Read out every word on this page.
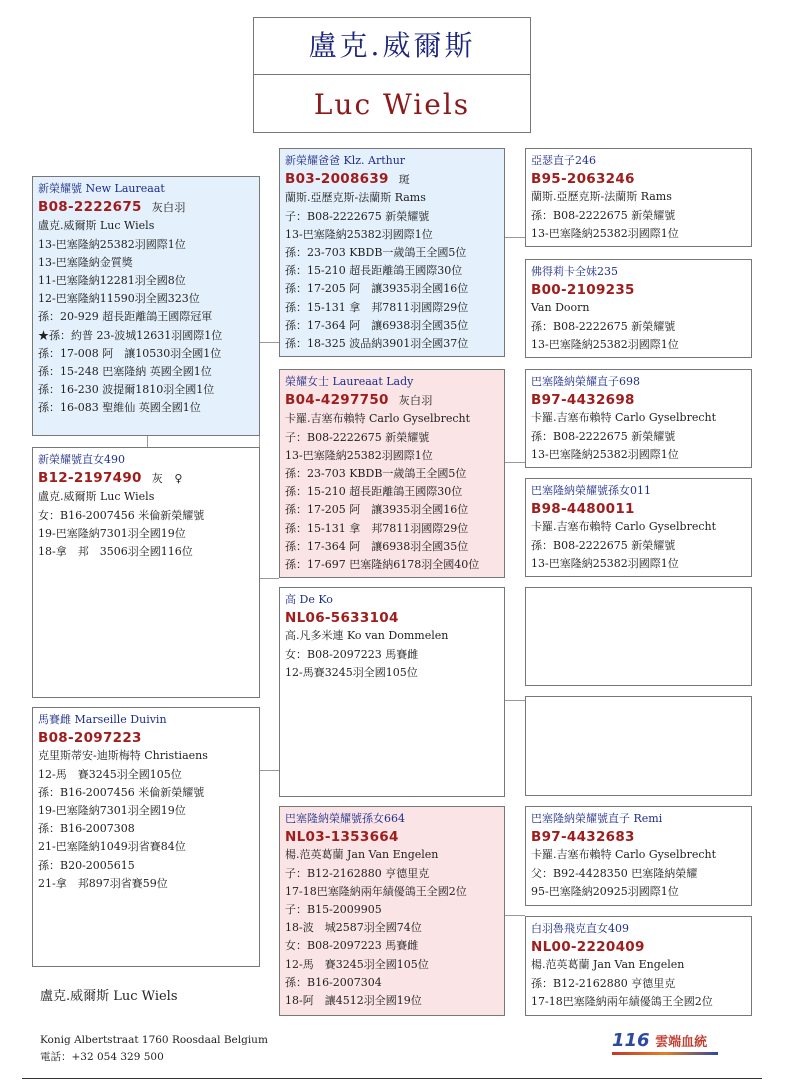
盧克.威爾斯
Luc Wiels
新榮耀號 New Laureaat
B08-2222675 灰白羽
盧克.威爾斯 Luc Wiels
13-巴塞隆納25382羽國際1位
13-巴塞隆納金質獎
11-巴塞隆納12281羽全國8位
12-巴塞隆納11590羽全國323位
孫：20-929 超長距離鴿王國際冠軍
★孫：約普 23-波城12631羽國際1位
孫：17-008 阿　讓10530羽全國1位
孫：15-248 巴塞隆納 英國全國1位
孫：16-230 波提爾1810羽全國1位
孫：16-083 聖維仙 英國全國1位
新榮耀爸爸 Klz. Arthur
B03-2008639 斑
蘭斯.亞歷克斯-法蘭斯 Rams
子：B08-2222675 新榮耀號
13-巴塞隆納25382羽國際1位
孫：23-703 KBDB一歲鴿王全國5位
孫：15-210 超長距離鴿王國際30位
孫：17-205 阿　讓3935羽全國16位
孫：15-131 拿　邦7811羽國際29位
孫：17-364 阿　讓6938羽全國35位
孫：18-325 波品納3901羽全國37位
榮耀女士 Laureaat Lady
B04-4297750 灰白羽
卡羅.吉塞布賴特 Carlo Gyselbrecht
子：B08-2222675 新榮耀號
13-巴塞隆納25382羽國際1位
孫：23-703 KBDB一歲鴿王全國5位
孫：15-210 超長距離鴿王國際30位
孫：17-205 阿　讓3935羽全國16位
孫：15-131 拿　邦7811羽國際29位
孫：17-364 阿　讓6938羽全國35位
孫：17-697 巴塞隆納6178羽全國40位
亞瑟直子246
B95-2063246
蘭斯.亞歷克斯-法蘭斯 Rams
孫：B08-2222675 新榮耀號
13-巴塞隆納25382羽國際1位
佛得莉卡全妹235
B00-2109235
Van Doorn
孫：B08-2222675 新榮耀號
13-巴塞隆納25382羽國際1位
巴塞隆納榮耀直子698
B97-4432698
卡羅.吉塞布賴特 Carlo Gyselbrecht
孫：B08-2222675 新榮耀號
13-巴塞隆納25382羽國際1位
巴塞隆納榮耀號孫女011
B98-4480011
卡羅.吉塞布賴特 Carlo Gyselbrecht
孫：B08-2222675 新榮耀號
13-巴塞隆納25382羽國際1位
新榮耀號直女490
B12-2197490 灰　♀
盧克.威爾斯 Luc Wiels
女：B16-2007456 米倫新榮耀號
19-巴塞隆納7301羽全國19位
18-拿　邦　3506羽全國116位
高 De Ko
NL06-5633104
高.凡多米連 Ko van Dommelen
女：B08-2097223 馬賽雌
12-馬賽3245羽全國105位
馬賽雌 Marseille Duivin
B08-2097223
克里斯蒂安-迪斯梅特 Christiaens
12-馬　賽3245羽全國105位
孫：B16-2007456 米倫新榮耀號
19-巴塞隆納7301羽全國19位
孫：B16-2007308
21-巴塞隆納1049羽省賽84位
孫：B20-2005615
21-拿　邦897羽省賽59位
巴塞隆納榮耀號孫女664
NL03-1353664
楊.范英葛蘭 Jan Van Engelen
子：B12-2162880 亨德里克
17-18巴塞隆納兩年績優鴿王全國2位
子：B15-2009905
18-波　城2587羽全國74位
女：B08-2097223 馬賽雌
12-馬　賽3245羽全國105位
孫：B16-2007304
18-阿　讓4512羽全國19位
巴塞隆納榮耀號直子 Remi
B97-4432683
卡羅.吉塞布賴特 Carlo Gyselbrecht
父：B92-4428350 巴塞隆納榮耀
95-巴塞隆納20925羽國際1位
白羽魯飛克直女409
NL00-2220409
楊.范英葛蘭 Jan Van Engelen
孫：B12-2162880 亨德里克
17-18巴塞隆納兩年績優鴿王全國2位
盧克.威爾斯 Luc Wiels
Konig Albertstraat 1760 Roosdaal Belgium
電話：+32 054 329 500
116 雲端血統
